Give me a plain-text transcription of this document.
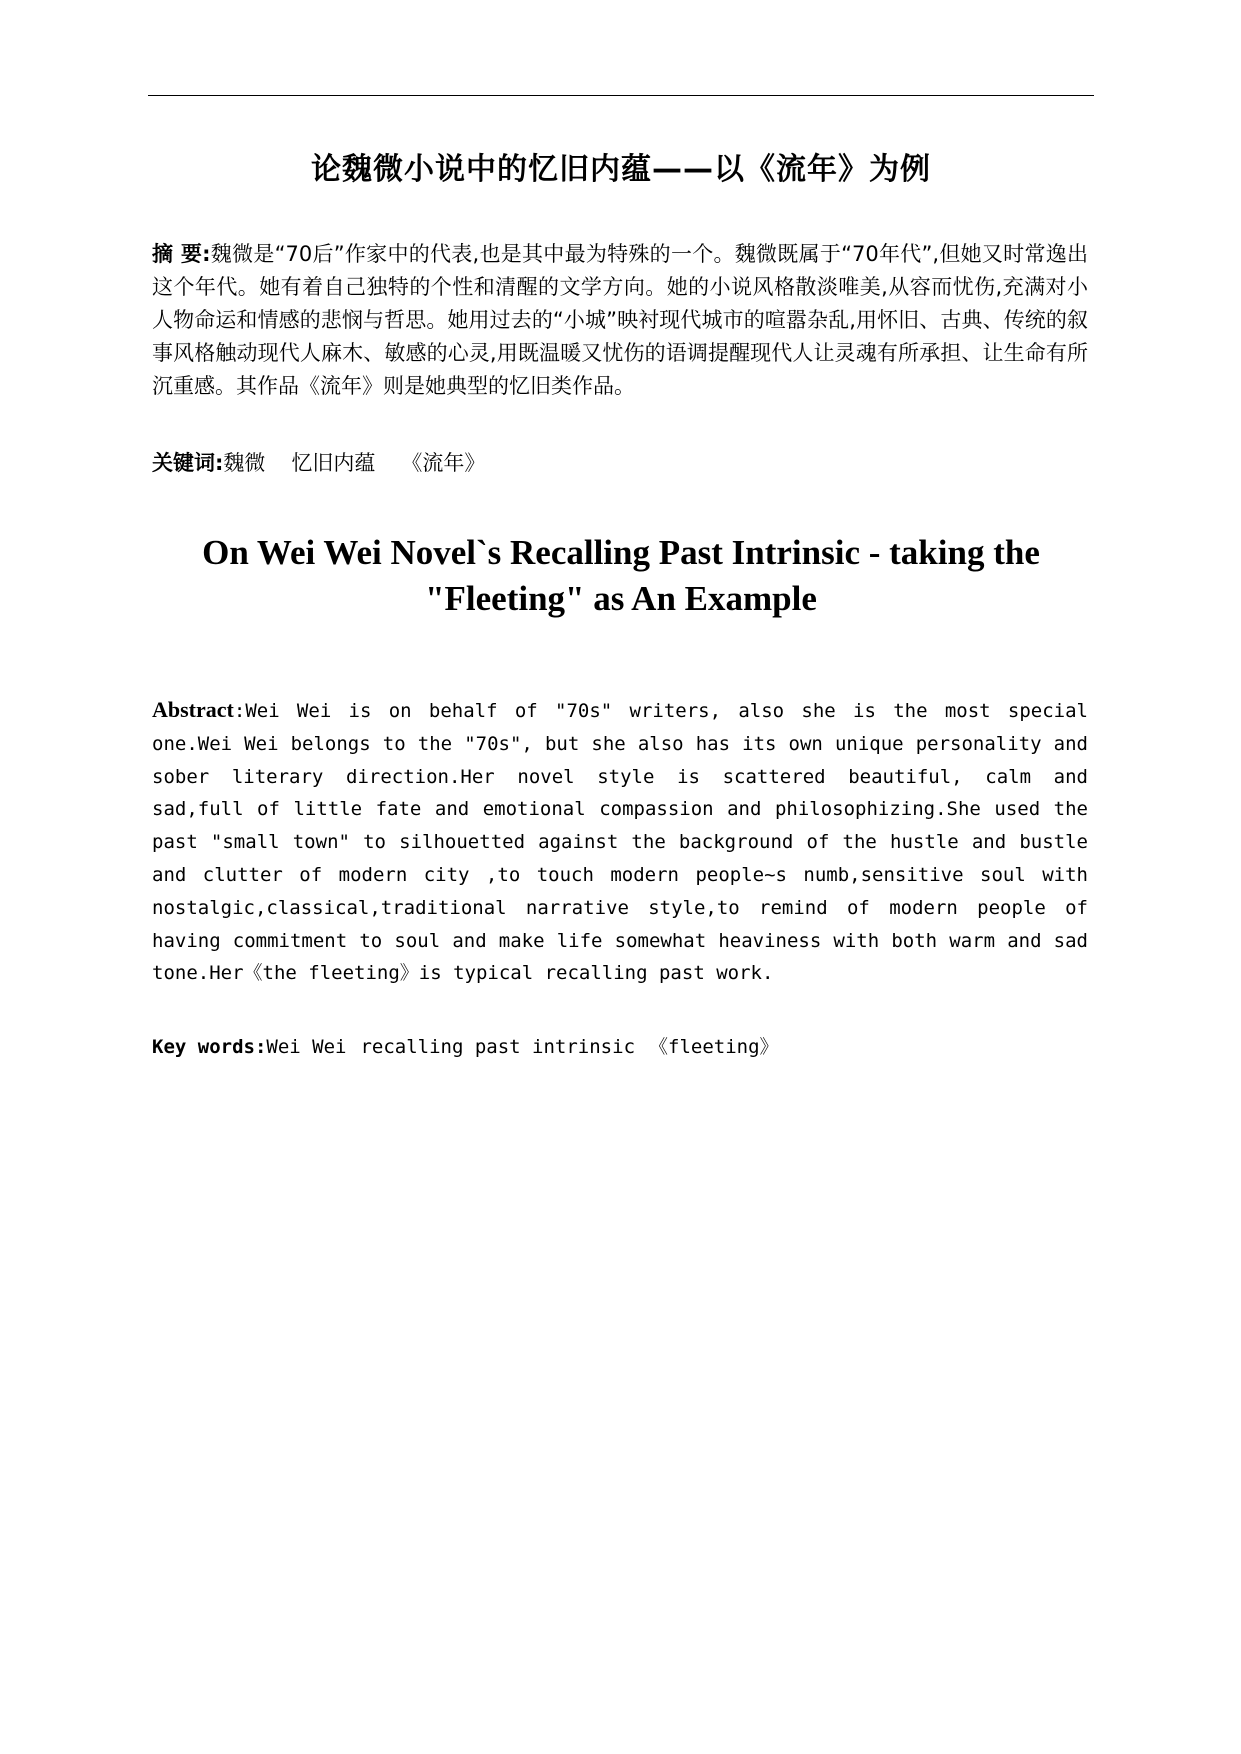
论魏微小说中的忆旧内蕴——以《流年》为例
摘 要:魏微是“70后”作家中的代表,也是其中最为特殊的一个。魏微既属于“70年代”,但她又时常逸出这个年代。她有着自己独特的个性和清醒的文学方向。她的小说风格散淡唯美,从容而忧伤,充满对小人物命运和情感的悲悯与哲思。她用过去的“小城”映衬现代城市的喧嚣杂乱,用怀旧、古典、传统的叙事风格触动现代人麻木、敏感的心灵,用既温暖又忧伤的语调提醒现代人让灵魂有所承担、让生命有所沉重感。其作品《流年》则是她典型的忆旧类作品。
关键词:魏微 忆旧内蕴 《流年》
On Wei Wei Novel`s Recalling Past Intrinsic - taking the "Fleeting" as An Example
Abstract:Wei Wei is on behalf of "70s" writers, also she is the most special one.Wei Wei belongs to the "70s", but she also has its own unique personality and sober literary direction.Her novel style is scattered beautiful, calm and sad,full of little fate and emotional compassion and philosophizing.She used the past "small town" to silhouetted against the background of the hustle and bustle and clutter of modern city ,to touch modern people~s numb,sensitive soul with nostalgic,classical,traditional narrative style,to remind of modern people of having commitment to soul and make life somewhat heaviness with both warm and sad tone.Her《the fleeting》is typical recalling past work.
Key words:Wei Wei recalling past intrinsic 《fleeting》
